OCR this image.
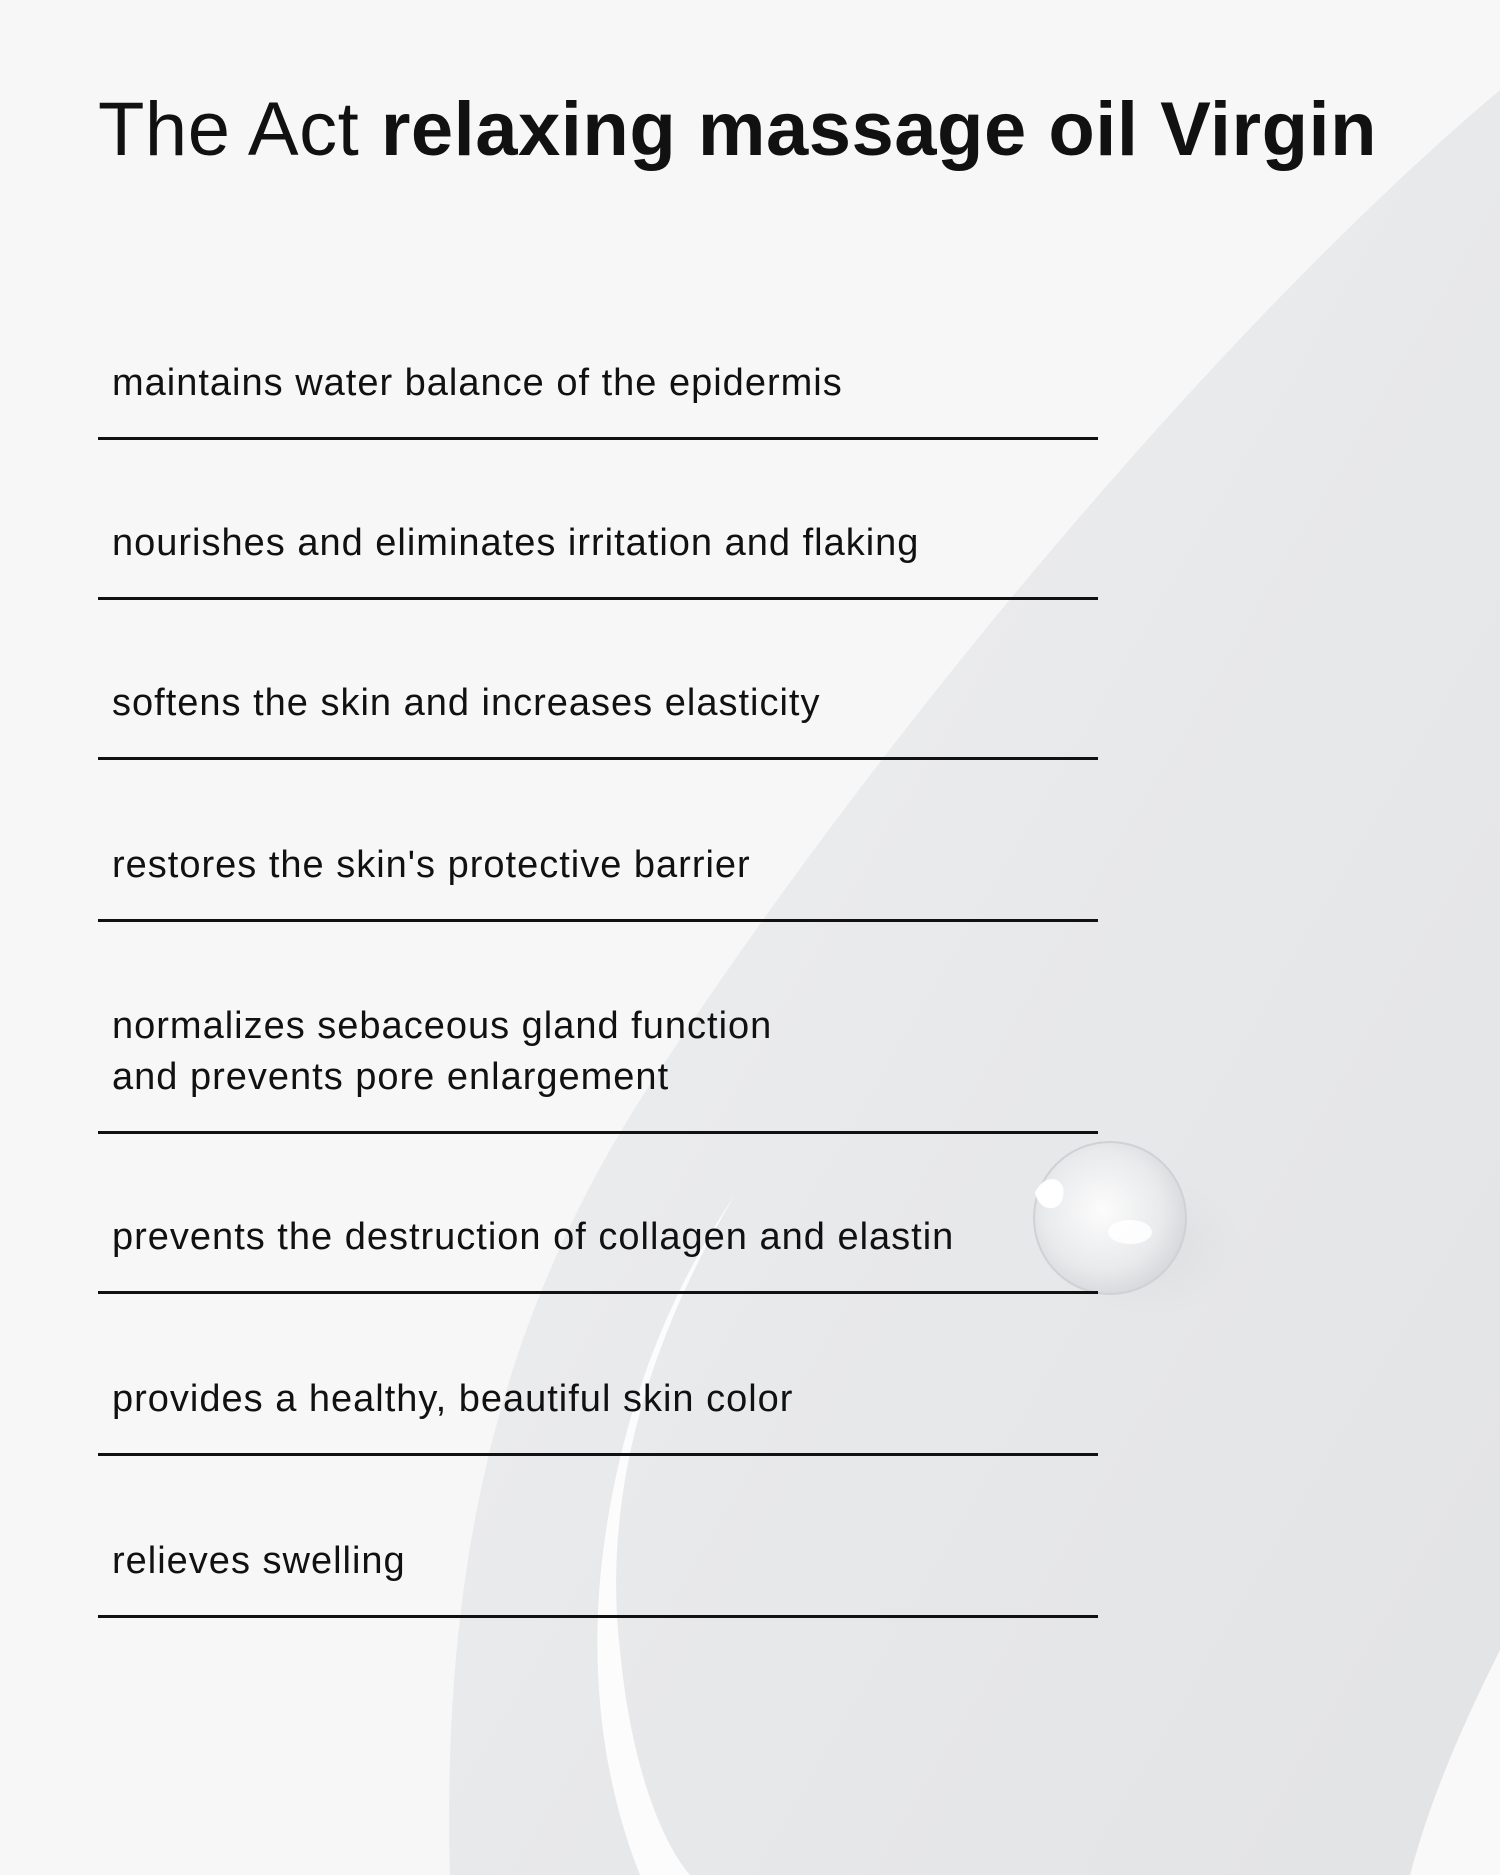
The Act relaxing massage oil Virgin
maintains water balance of the epidermis
nourishes and eliminates irritation and flaking
softens the skin and increases elasticity
restores the skin's protective barrier
normalizes sebaceous gland function
and prevents pore enlargement
prevents the destruction of collagen and elastin
provides a healthy, beautiful skin color
relieves swelling
